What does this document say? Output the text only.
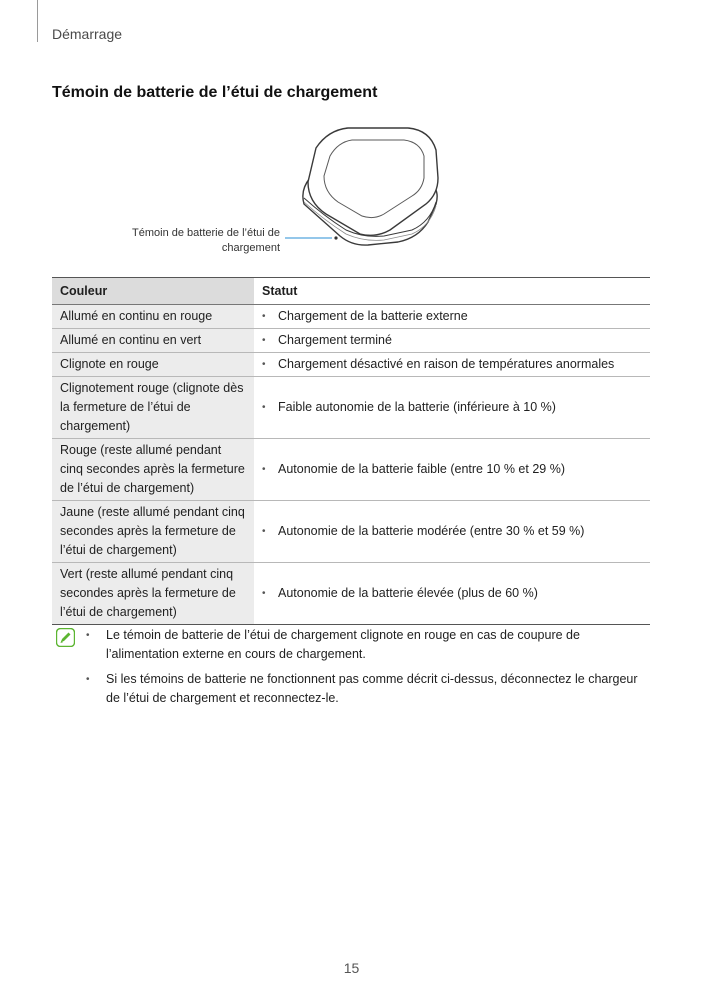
Démarrage
Témoin de batterie de l’étui de chargement
Témoin de batterie de l’étui de chargement
Couleur	Statut
Allumé en continu en rouge	• Chargement de la batterie externe

Allumé en continu en vert	• Chargement terminé

Clignote en rouge	• Chargement désactivé en raison de températures anormales

Clignotement rouge (clignote dès la fermeture de l’étui de chargement)	• Faible autonomie de la batterie (inférieure à 10 %)

Rouge (reste allumé pendant cinq secondes après la fermeture de l’étui de chargement)	• Autonomie de la batterie faible (entre 10 % et 29 %)

Jaune (reste allumé pendant cinq secondes après la fermeture de l’étui de chargement)	• Autonomie de la batterie modérée (entre 30 % et 59 %)

Vert (reste allumé pendant cinq secondes après la fermeture de l’étui de chargement)	• Autonomie de la batterie élevée (plus de 60 %)
•	Le témoin de batterie de l’étui de chargement clignote en rouge en cas de coupure de l’alimentation externe en cours de chargement.
•	Si les témoins de batterie ne fonctionnent pas comme décrit ci-dessus, déconnectez le chargeur de l’étui de chargement et reconnectez-le.
15
